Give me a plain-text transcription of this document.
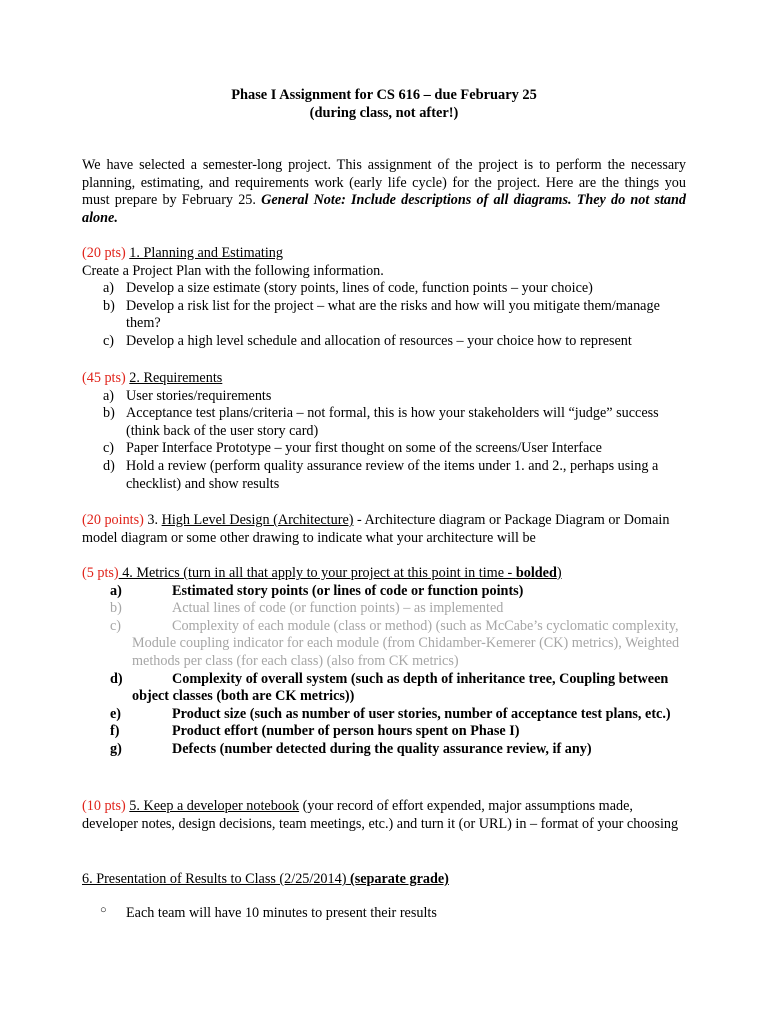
Phase I Assignment for CS 616 – due February 25
(during class, not after!)
We have selected a semester-long project. This assignment of the project is to perform the necessary planning, estimating, and requirements work (early life cycle) for the project. Here are the things you must prepare by February 25. General Note: Include descriptions of all diagrams. They do not stand alone.
(20 pts) 1. Planning and Estimating
Create a Project Plan with the following information.
a) Develop a size estimate (story points, lines of code, function points – your choice)
b) Develop a risk list for the project – what are the risks and how will you mitigate them/manage them?
c) Develop a high level schedule and allocation of resources – your choice how to represent
(45 pts) 2. Requirements
a) User stories/requirements
b) Acceptance test plans/criteria – not formal, this is how your stakeholders will “judge” success (think back of the user story card)
c) Paper Interface Prototype – your first thought on some of the screens/User Interface
d) Hold a review (perform quality assurance review of the items under 1. and 2., perhaps using a checklist) and show results
(20 points) 3. High Level Design (Architecture) - Architecture diagram or Package Diagram or Domain model diagram or some other drawing to indicate what your architecture will be
(5 pts) 4. Metrics (turn in all that apply to your project at this point in time - bolded)
a)	Estimated story points (or lines of code or function points)
b)	Actual lines of code (or function points) – as implemented
c)	Complexity of each module (class or method) (such as McCabe’s cyclomatic complexity, Module coupling indicator for each module (from Chidamber-Kemerer (CK) metrics), Weighted methods per class (for each class) (also from CK metrics)
d)	Complexity of overall system (such as depth of inheritance tree, Coupling between object classes (both are CK metrics))
e)	Product size (such as number of user stories, number of acceptance test plans, etc.)
f)	Product effort (number of person hours spent on Phase I)
g)	Defects (number detected during the quality assurance review, if any)
(10 pts) 5. Keep a developer notebook (your record of effort expended, major assumptions made, developer notes, design decisions, team meetings, etc.) and turn it (or URL) in – format of your choosing
6. Presentation of Results to Class (2/25/2014) (separate grade)
○ Each team will have 10 minutes to present their results
